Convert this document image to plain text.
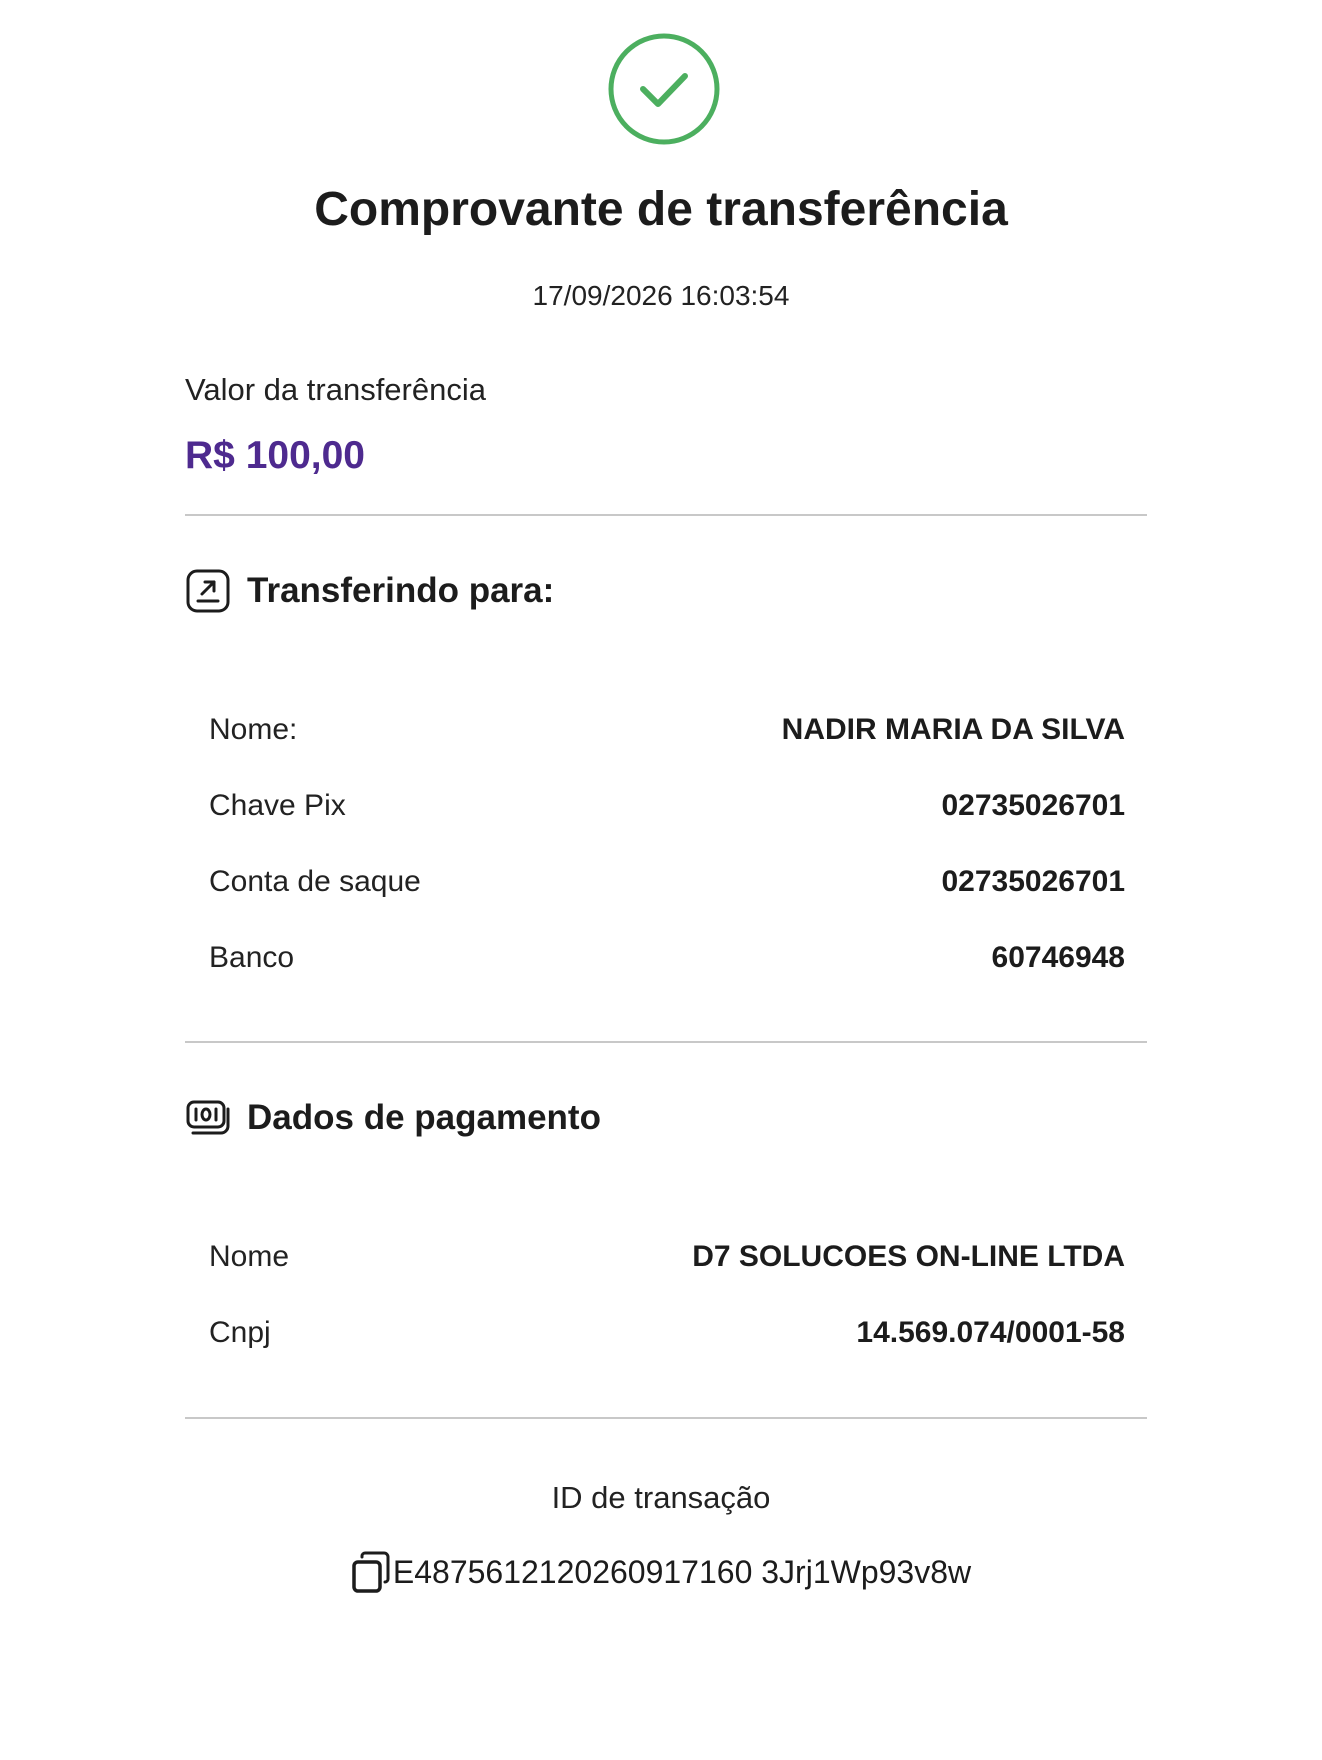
Comprovante de transferência
17/09/2026 16:03:54
Valor da transferência
R$ 100,00
Transferindo para:
Nome:	NADIR MARIA DA SILVA
Chave Pix	02735026701
Conta de saque	02735026701
Banco	60746948
Dados de pagamento
Nome	D7 SOLUCOES ON-LINE LTDA
Cnpj	14.569.074/0001-58
ID de transação
E4875612120260917160 3Jrj1Wp93v8w
